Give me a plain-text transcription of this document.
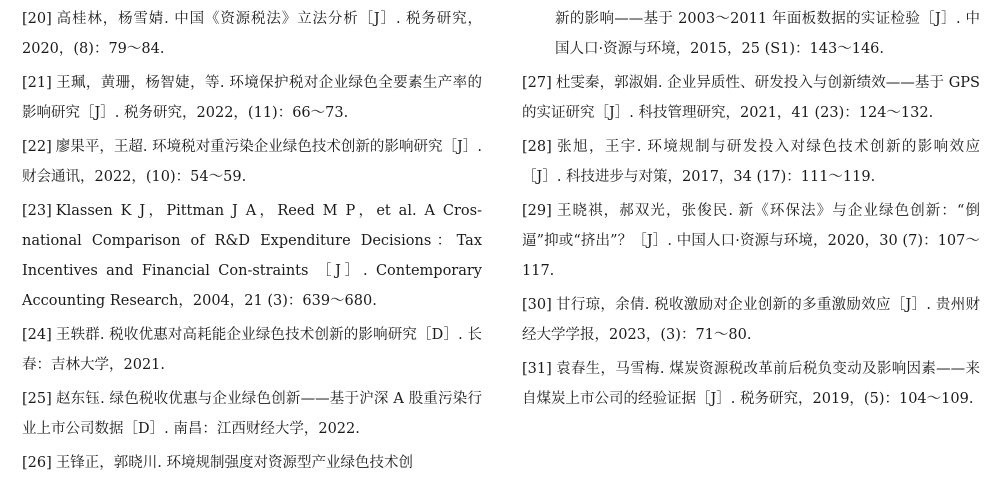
[20] 高桂林，杨雪婧. 中国《资源税法》立法分析［J］. 税务研究，2020，(8)：79～84.
[21] 王珮，黄珊，杨智婕，等. 环境保护税对企业绿色全要素生产率的影响研究［J］. 税务研究，2022，(11)：66～73.
[22] 廖果平，王超. 环境税对重污染企业绿色技术创新的影响研究［J］. 财会通讯，2022，(10)：54～59.
[23] Klassen K J，Pittman J A，Reed M P，et al. A Cros-national Comparison of R&D Expenditure Decisions：Tax Incentives and Financial Con-straints ［J］. Contemporary Accounting Research，2004，21 (3)：639～680.
[24] 王轶群. 税收优惠对高耗能企业绿色技术创新的影响研究［D］. 长春：吉林大学，2021.
[25] 赵东钰. 绿色税收优惠与企业绿色创新——基于沪深 A 股重污染行业上市公司数据［D］. 南昌：江西财经大学，2022.
[26] 王锋正，郭晓川. 环境规制强度对资源型产业绿色技术创
新的影响——基于 2003～2011 年面板数据的实证检验［J］. 中国人口·资源与环境，2015，25 (S1)：143～146.
[27] 杜雯秦，郭淑娟. 企业异质性、研发投入与创新绩效——基于 GPS 的实证研究［J］. 科技管理研究，2021，41 (23)：124～132.
[28] 张旭，王宇. 环境规制与研发投入对绿色技术创新的影响效应［J］. 科技进步与对策，2017，34 (17)：111～119.
[29] 王晓祺，郝双光，张俊民. 新《环保法》与企业绿色创新：“倒逼”抑或“挤出”？［J］. 中国人口·资源与环境，2020，30 (7)：107～117.
[30] 甘行琼，余倩. 税收激励对企业创新的多重激励效应［J］. 贵州财经大学学报，2023，(3)：71～80.
[31] 袁春生，马雪梅. 煤炭资源税改革前后税负变动及影响因素——来自煤炭上市公司的经验证据［J］. 税务研究，2019，(5)：104～109.
